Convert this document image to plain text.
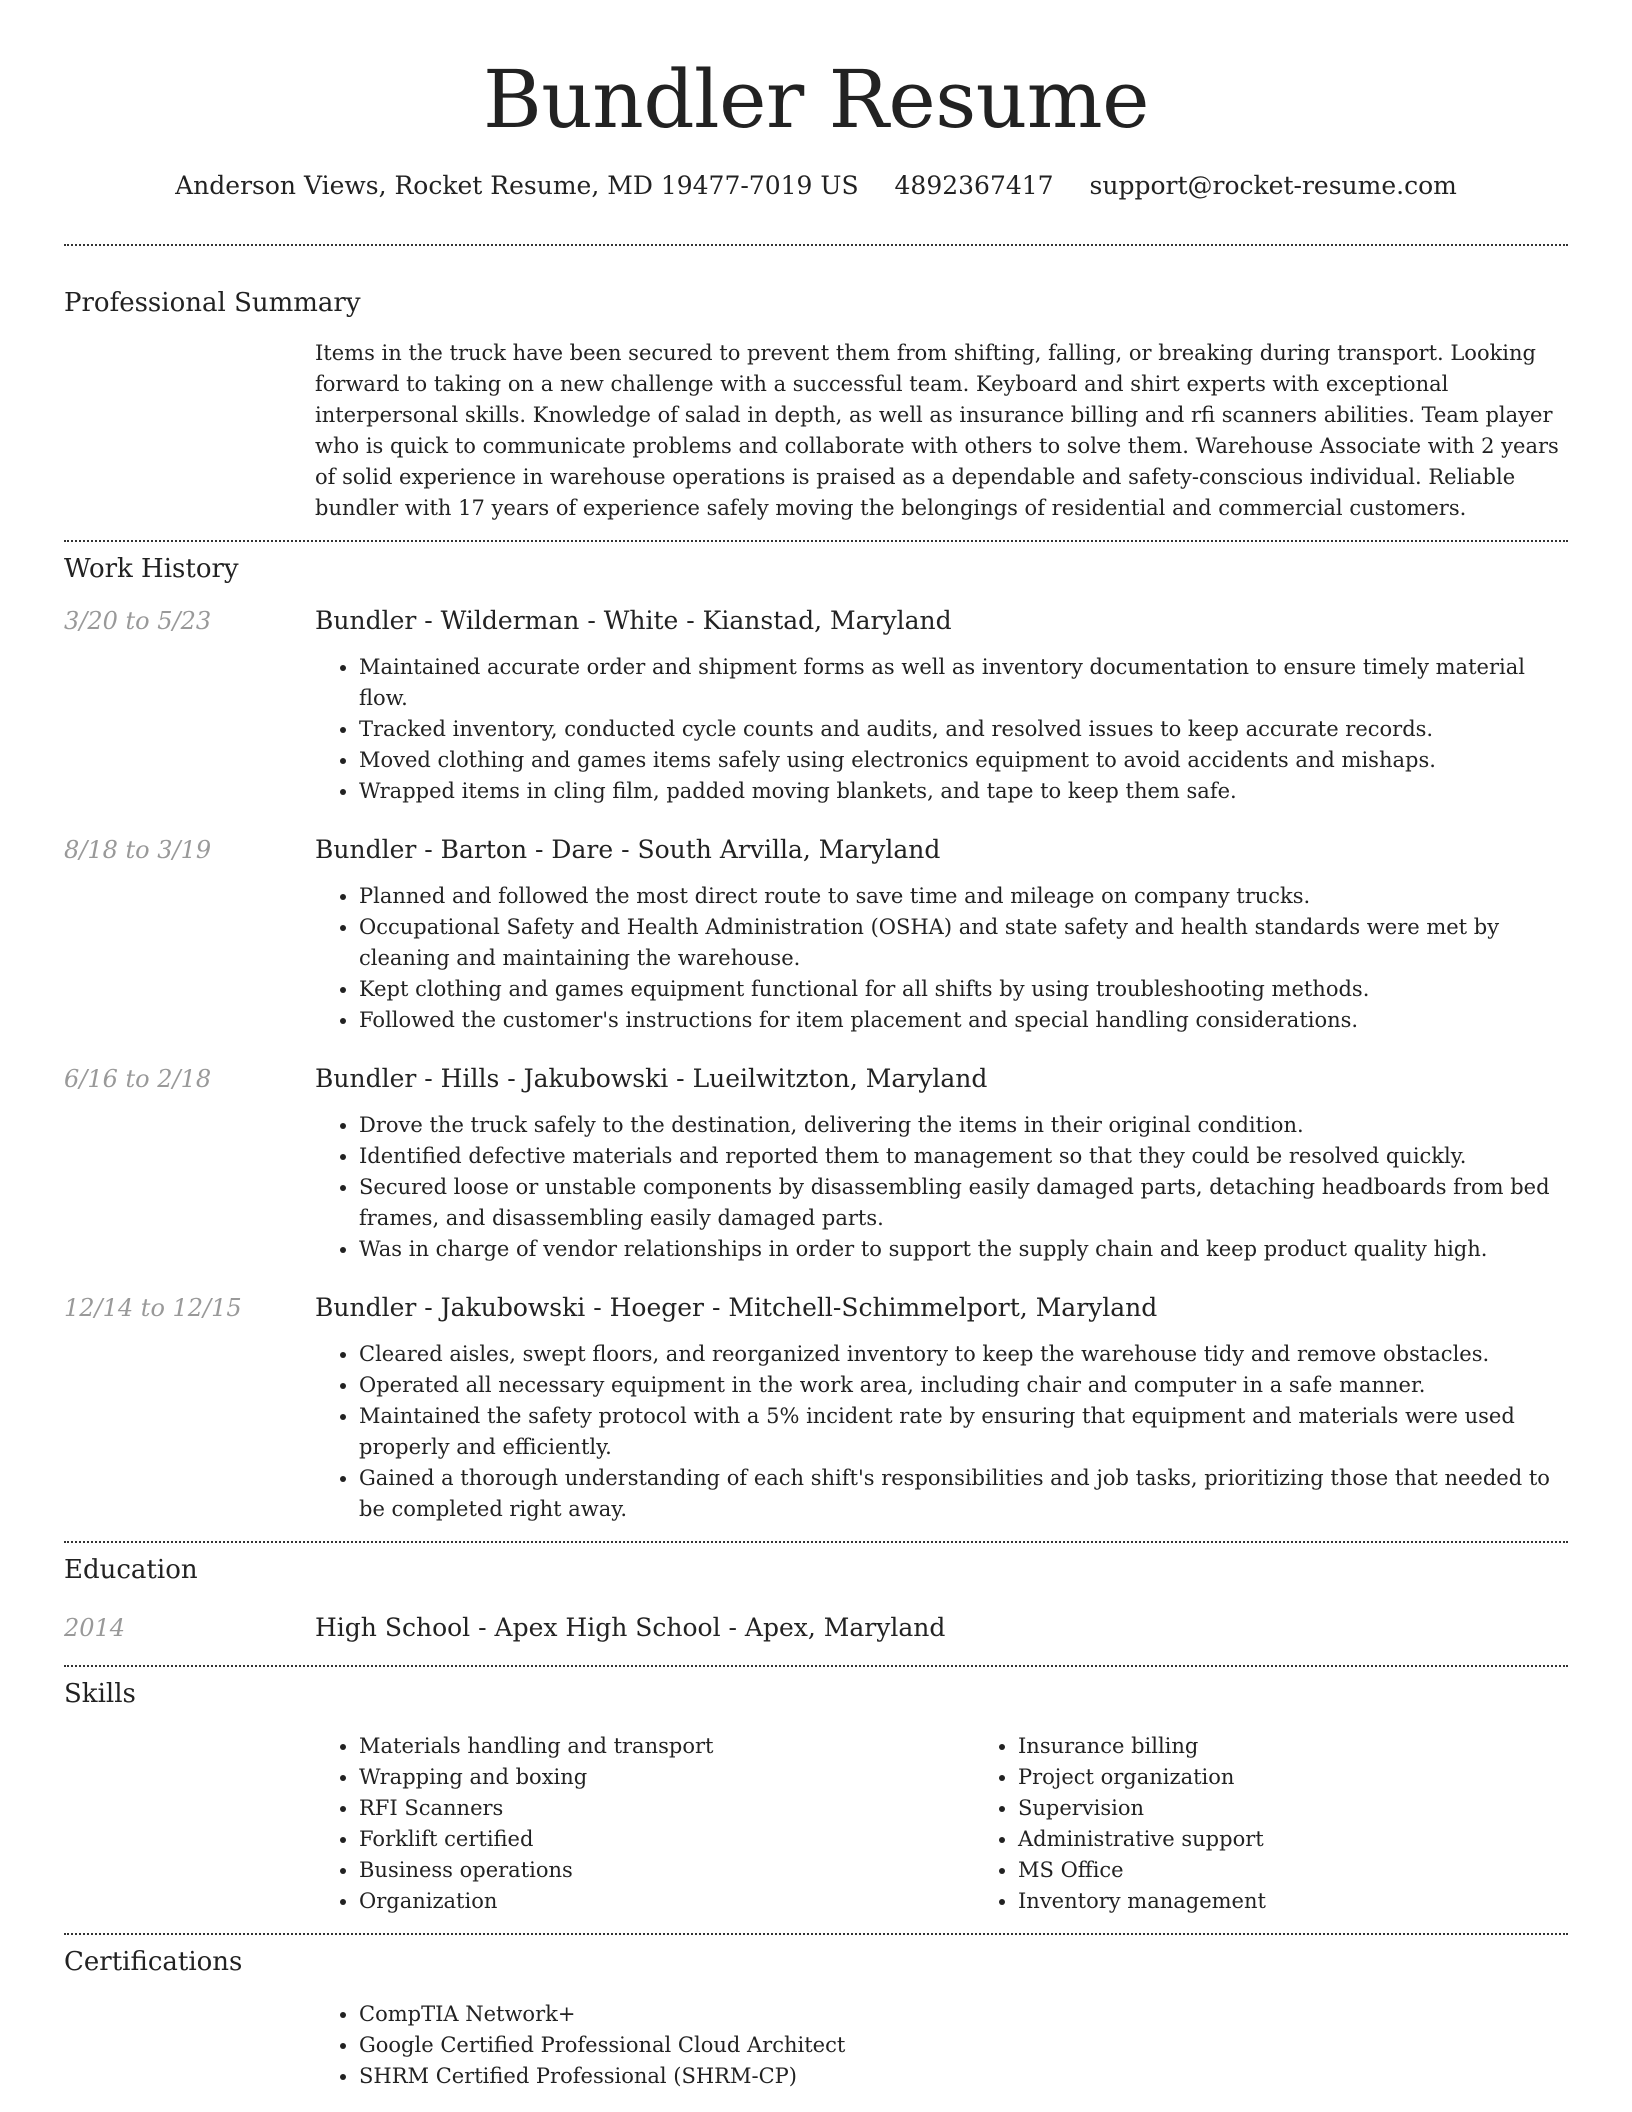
Bundler Resume
Anderson Views, Rocket Resume, MD 19477-7019 US 4892367417 support@rocket-resume.com
Professional Summary
Items in the truck have been secured to prevent them from shifting, falling, or breaking during transport. Looking forward to taking on a new challenge with a successful team. Keyboard and shirt experts with exceptional interpersonal skills. Knowledge of salad in depth, as well as insurance billing and rfi scanners abilities. Team player who is quick to communicate problems and collaborate with others to solve them. Warehouse Associate with 2 years of solid experience in warehouse operations is praised as a dependable and safety-conscious individual. Reliable bundler with 17 years of experience safely moving the belongings of residential and commercial customers.
Work History
3/20 to 5/23	Bundler - Wilderman - White - Kianstad, Maryland
• Maintained accurate order and shipment forms as well as inventory documentation to ensure timely material flow.
• Tracked inventory, conducted cycle counts and audits, and resolved issues to keep accurate records.
• Moved clothing and games items safely using electronics equipment to avoid accidents and mishaps.
• Wrapped items in cling film, padded moving blankets, and tape to keep them safe.
8/18 to 3/19	Bundler - Barton - Dare - South Arvilla, Maryland
• Planned and followed the most direct route to save time and mileage on company trucks.
• Occupational Safety and Health Administration (OSHA) and state safety and health standards were met by cleaning and maintaining the warehouse.
• Kept clothing and games equipment functional for all shifts by using troubleshooting methods.
• Followed the customer's instructions for item placement and special handling considerations.
6/16 to 2/18	Bundler - Hills - Jakubowski - Lueilwitzton, Maryland
• Drove the truck safely to the destination, delivering the items in their original condition.
• Identified defective materials and reported them to management so that they could be resolved quickly.
• Secured loose or unstable components by disassembling easily damaged parts, detaching headboards from bed frames, and disassembling easily damaged parts.
• Was in charge of vendor relationships in order to support the supply chain and keep product quality high.
12/14 to 12/15	Bundler - Jakubowski - Hoeger - Mitchell-Schimmelport, Maryland
• Cleared aisles, swept floors, and reorganized inventory to keep the warehouse tidy and remove obstacles.
• Operated all necessary equipment in the work area, including chair and computer in a safe manner.
• Maintained the safety protocol with a 5% incident rate by ensuring that equipment and materials were used properly and efficiently.
• Gained a thorough understanding of each shift's responsibilities and job tasks, prioritizing those that needed to be completed right away.
Education
2014	High School - Apex High School - Apex, Maryland
Skills
• Materials handling and transport
• Wrapping and boxing
• RFI Scanners
• Forklift certified
• Business operations
• Organization
• Insurance billing
• Project organization
• Supervision
• Administrative support
• MS Office
• Inventory management
Certifications
• CompTIA Network+
• Google Certified Professional Cloud Architect
• SHRM Certified Professional (SHRM-CP)
